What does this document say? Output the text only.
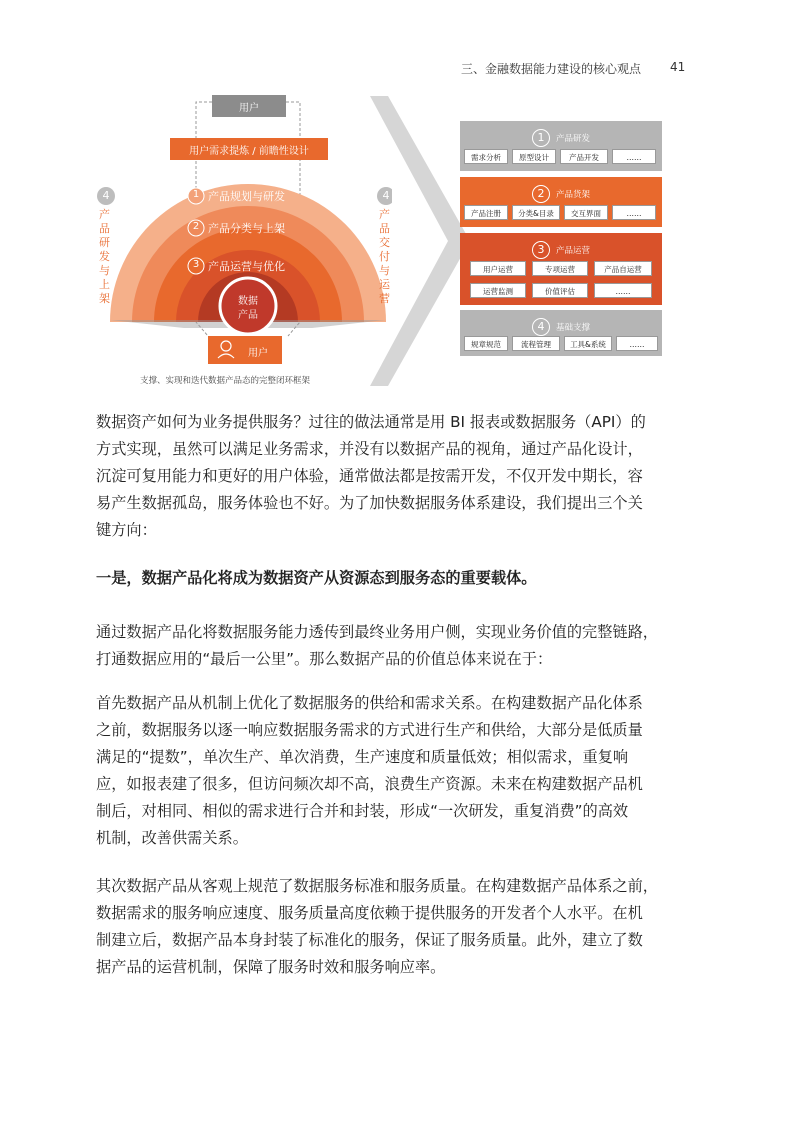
三、金融数据能力建设的核心观点 41
用户
用户需求提炼 / 前瞻性设计
1 产品规划与研发
2 产品分类与上架
3 产品运营与优化
数据
产品
4
产品研发与上架
4
产品交付与运营
用户
支撑、实现和迭代数据产品态的完整闭环框架
1 产品研发
需求分析	原型设计	产品开发	……
2 产品货架
产品注册	分类&目录	交互界面	……
3 产品运营
用户运营	专项运营	产品自运营
运营监测	价值评估	……
4 基础支撑
规章规范	流程管理	工具&系统	……
数据资产如何为业务提供服务？过往的做法通常是用 BI 报表或数据服务（API）的
方式实现，虽然可以满足业务需求，并没有以数据产品的视角，通过产品化设计，
沉淀可复用能力和更好的用户体验，通常做法都是按需开发，不仅开发中期长，容
易产生数据孤岛，服务体验也不好。为了加快数据服务体系建设，我们提出三个关
键方向：
一是，数据产品化将成为数据资产从资源态到服务态的重要载体。
通过数据产品化将数据服务能力透传到最终业务用户侧，实现业务价值的完整链路，
打通数据应用的“最后一公里”。那么数据产品的价值总体来说在于：
首先数据产品从机制上优化了数据服务的供给和需求关系。在构建数据产品化体系
之前，数据服务以逐一响应数据服务需求的方式进行生产和供给，大部分是低质量
满足的“提数”，单次生产、单次消费，生产速度和质量低效；相似需求，重复响
应，如报表建了很多，但访问频次却不高，浪费生产资源。未来在构建数据产品机
制后，对相同、相似的需求进行合并和封装，形成“一次研发，重复消费”的高效
机制，改善供需关系。
其次数据产品从客观上规范了数据服务标准和服务质量。在构建数据产品体系之前，
数据需求的服务响应速度、服务质量高度依赖于提供服务的开发者个人水平。在机
制建立后，数据产品本身封装了标准化的服务，保证了服务质量。此外，建立了数
据产品的运营机制，保障了服务时效和服务响应率。
